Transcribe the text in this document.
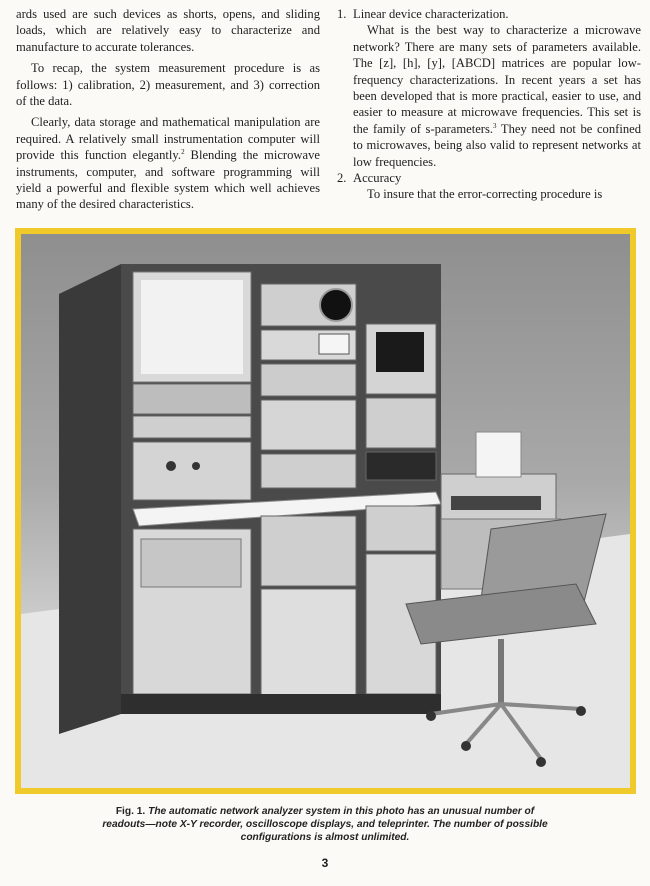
ards used are such devices as shorts, opens, and sliding loads, which are relatively easy to characterize and manufacture to accurate tolerances.

To recap, the system measurement procedure is as follows: 1) calibration, 2) measurement, and 3) correction of the data.

Clearly, data storage and mathematical manipulation are required. A relatively small instrumentation computer will provide this function elegantly.$^2$ Blending the microwave instruments, computer, and software programming will yield a powerful and flexible system which well achieves many of the desired characteristics.

1. Linear device characterization.

What is the best way to characterize a microwave network? There are many sets of parameters available. The [z], [h], [y], [ABCD] matrices are popular low-frequency characterizations. In recent years a set has been developed that is more practical, easier to use, and easier to measure at microwave frequencies. This set is the family of s-parameters.$^3$ They need not be confined to microwaves, being also valid to represent networks at low frequencies.

2. Accuracy

To insure that the error-correcting procedure is

Fig. 1. The automatic network analyzer system in this photo has an unusual number of readouts—note X-Y recorder, oscilloscope displays, and teleprinter. The number of possible configurations is almost unlimited.
3
